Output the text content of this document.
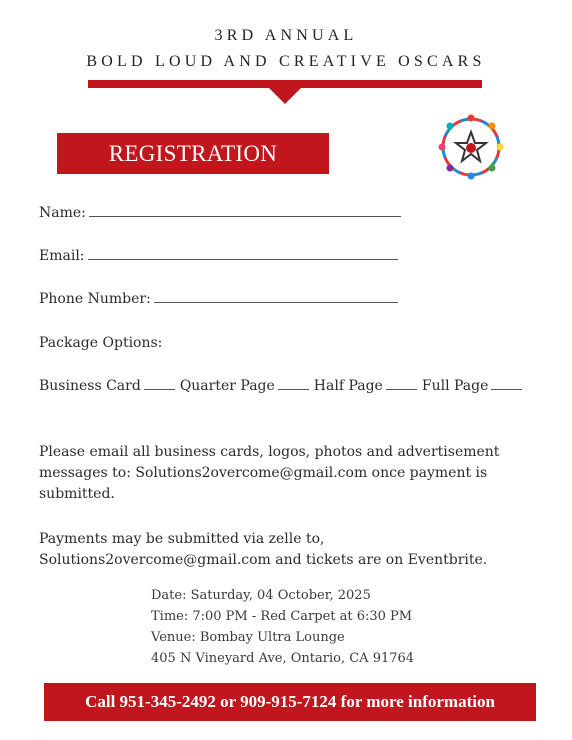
3RD ANNUAL
BOLD LOUD AND CREATIVE OSCARS
REGISTRATION
Name:
Email:
Phone Number:
Package Options:
Business Card	Quarter Page	Half Page	Full Page
Please email all business cards, logos, photos and advertisement messages to: Solutions2overcome@gmail.com once payment is submitted.
Payments may be submitted via zelle to, Solutions2overcome@gmail.com and tickets are on Eventbrite.
Date: Saturday, 04 October, 2025
Time: 7:00 PM - Red Carpet at 6:30 PM
Venue: Bombay Ultra Lounge
405 N Vineyard Ave, Ontario, CA 91764
Call 951-345-2492 or 909-915-7124 for more information
